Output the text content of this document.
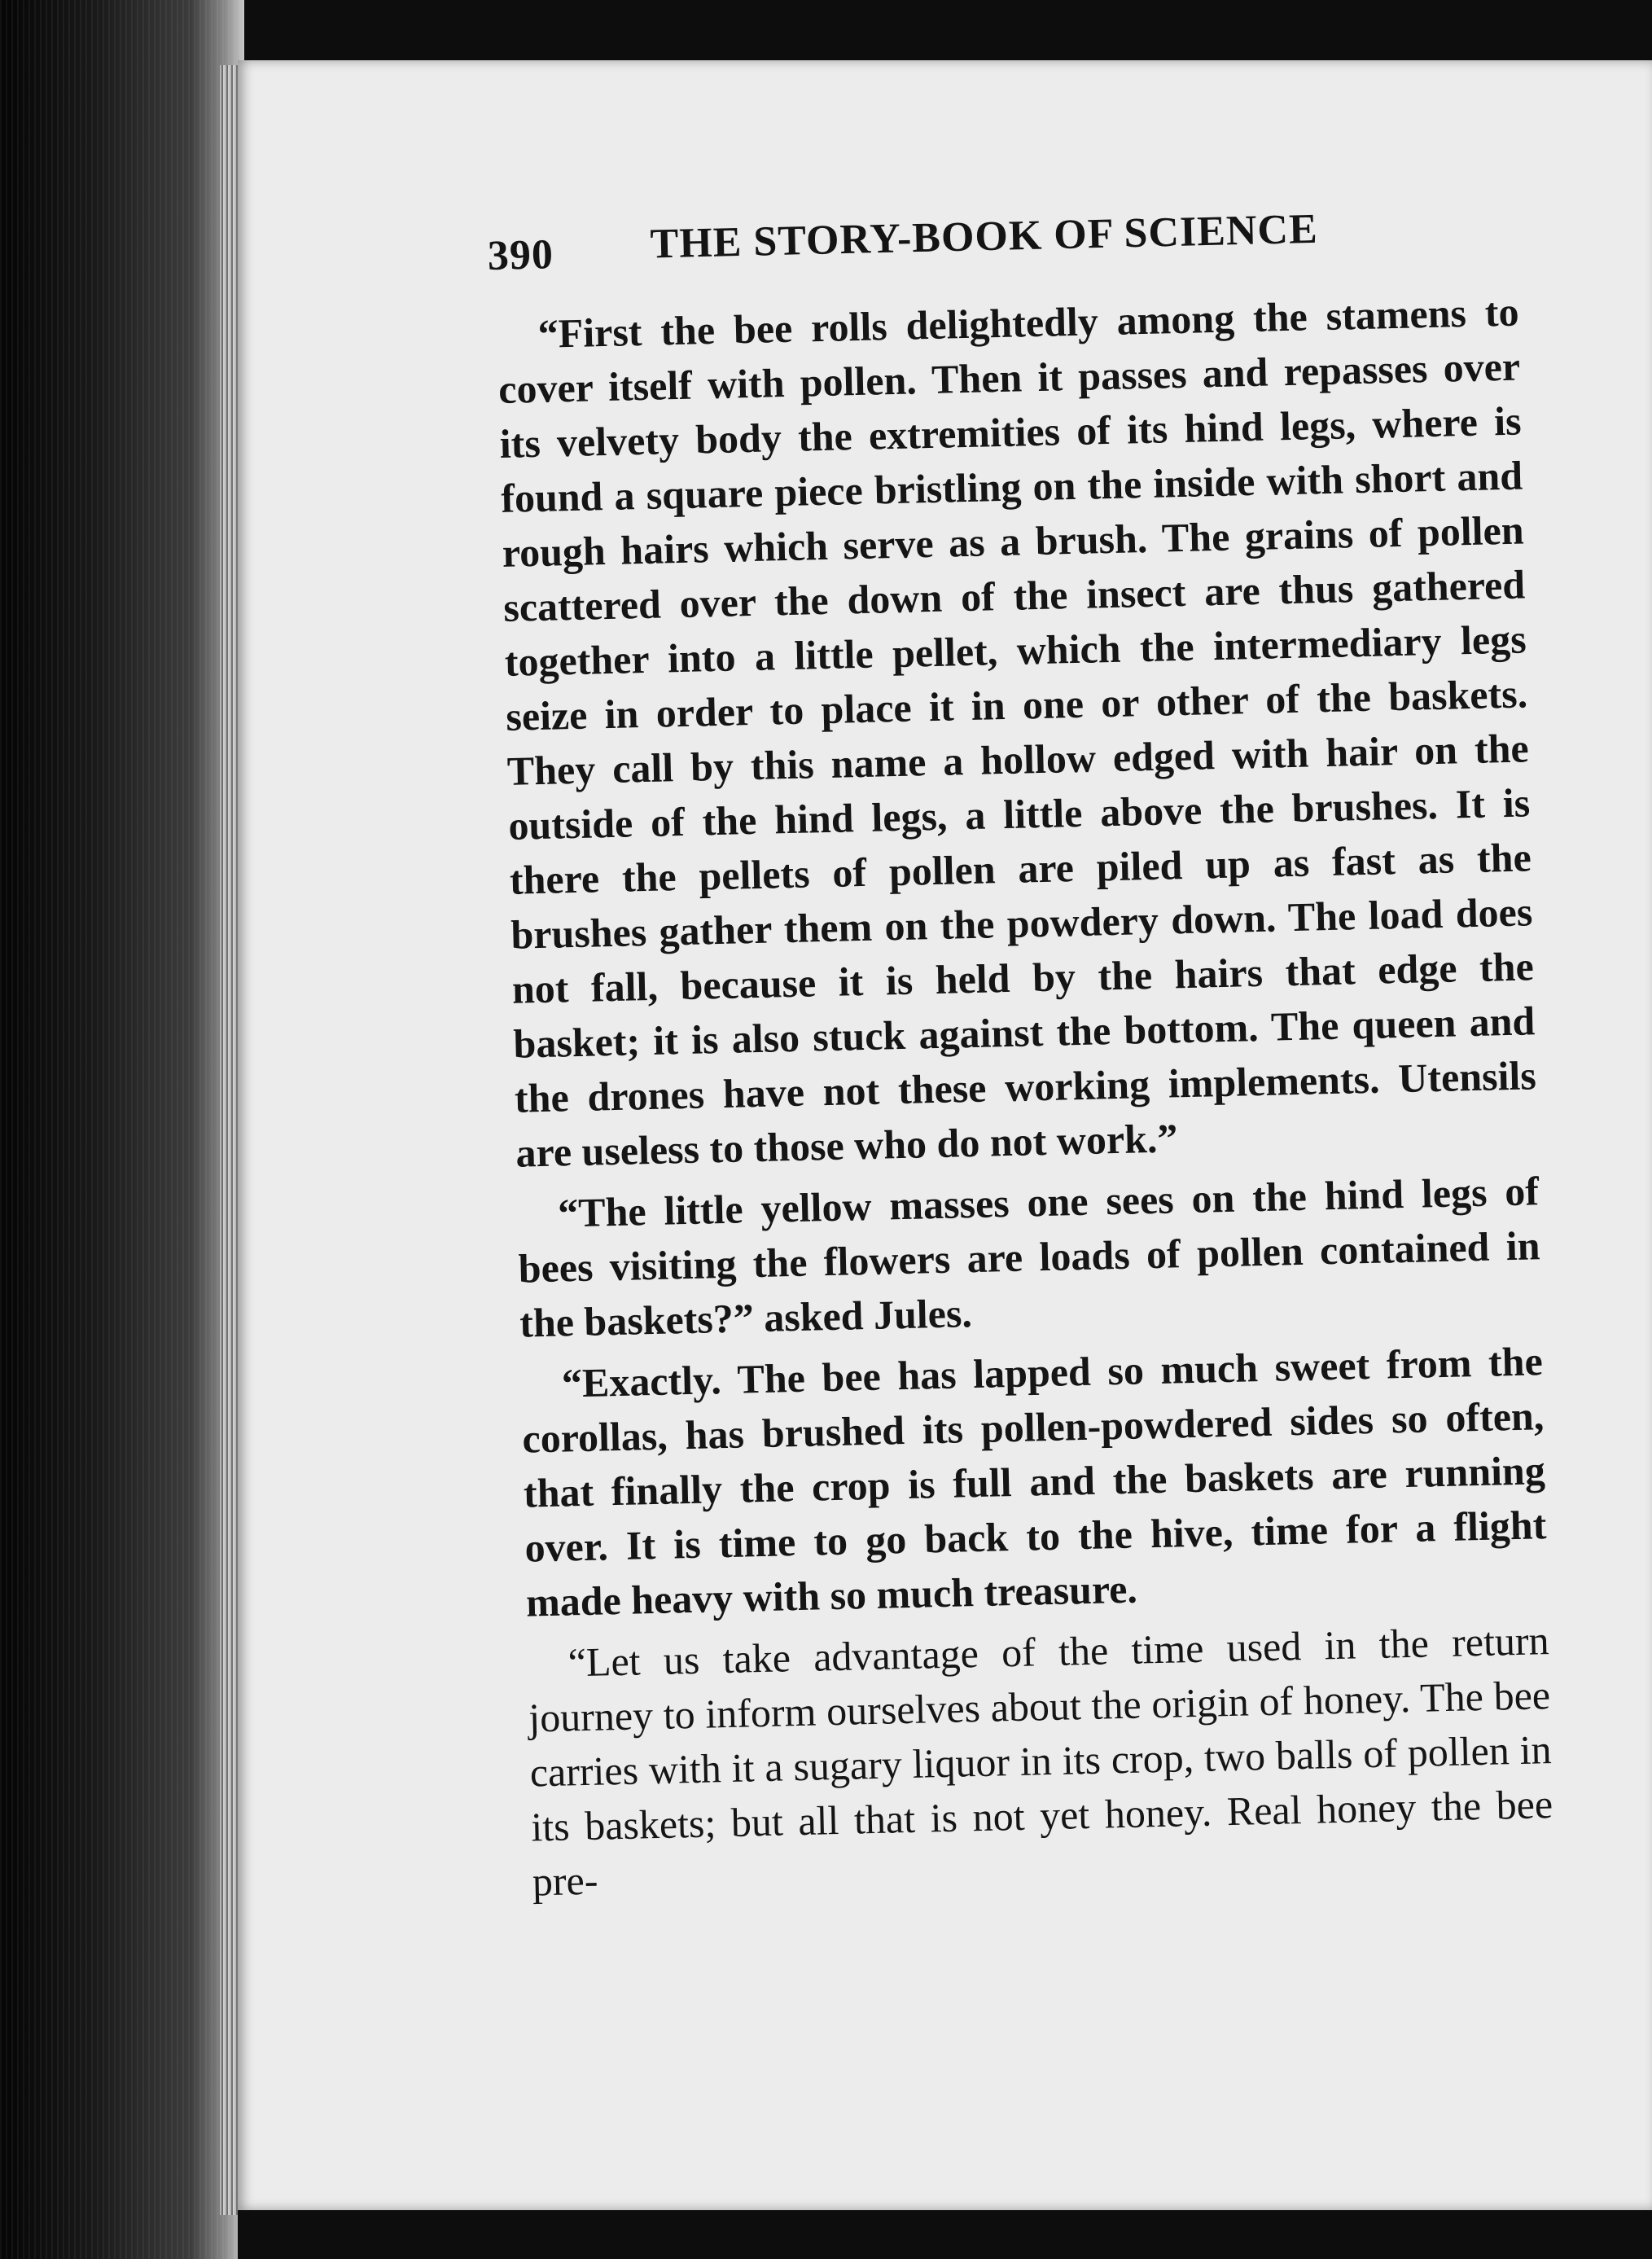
390 THE STORY-BOOK OF SCIENCE

“First the bee rolls delightedly among the stamens to cover itself with pollen. Then it passes and repasses over its velvety body the extremities of its hind legs, where is found a square piece bristling on the inside with short and rough hairs which serve as a brush. The grains of pollen scattered over the down of the insect are thus gathered together into a little pellet, which the intermediary legs seize in order to place it in one or other of the baskets. They call by this name a hollow edged with hair on the outside of the hind legs, a little above the brushes. It is there the pellets of pollen are piled up as fast as the brushes gather them on the powdery down. The load does not fall, because it is held by the hairs that edge the basket; it is also stuck against the bottom. The queen and the drones have not these working implements. Utensils are useless to those who do not work.”

“The little yellow masses one sees on the hind legs of bees visiting the flowers are loads of pollen contained in the baskets?” asked Jules.

“Exactly. The bee has lapped so much sweet from the corollas, has brushed its pollen-powdered sides so often, that finally the crop is full and the baskets are running over. It is time to go back to the hive, time for a flight made heavy with so much treasure.

“Let us take advantage of the time used in the return journey to inform ourselves about the origin of honey. The bee carries with it a sugary liquor in its crop, two balls of pollen in its baskets; but all that is not yet honey. Real honey the bee pre-
